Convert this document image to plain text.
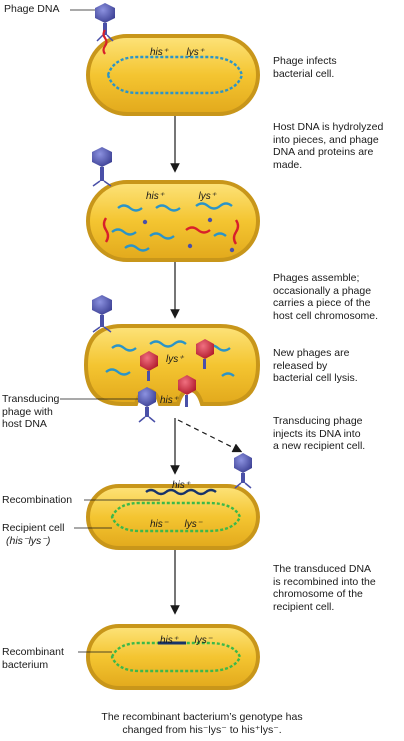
his⁺ lys⁺
his⁺	lys⁺
lys⁺
his⁺
his⁺
his⁻ lys⁻
his⁺ lys⁻
Phage DNA
Transducing
phage with
host DNA
Recombination
Recipient cell
(his⁻lys⁻)
Recombinant
bacterium
Phage infects
bacterial cell.
Host DNA is hydrolyzed
into pieces, and phage
DNA and proteins are
made.
Phages assemble;
occasionally a phage
carries a piece of the
host cell chromosome.
New phages are
released by
bacterial cell lysis.
Transducing phage
injects its DNA into
a new recipient cell.
The transduced DNA
is recombined into the
chromosome of the
recipient cell.
The recombinant bacterium’s genotype has
changed from his⁻lys⁻ to his⁺lys⁻.
